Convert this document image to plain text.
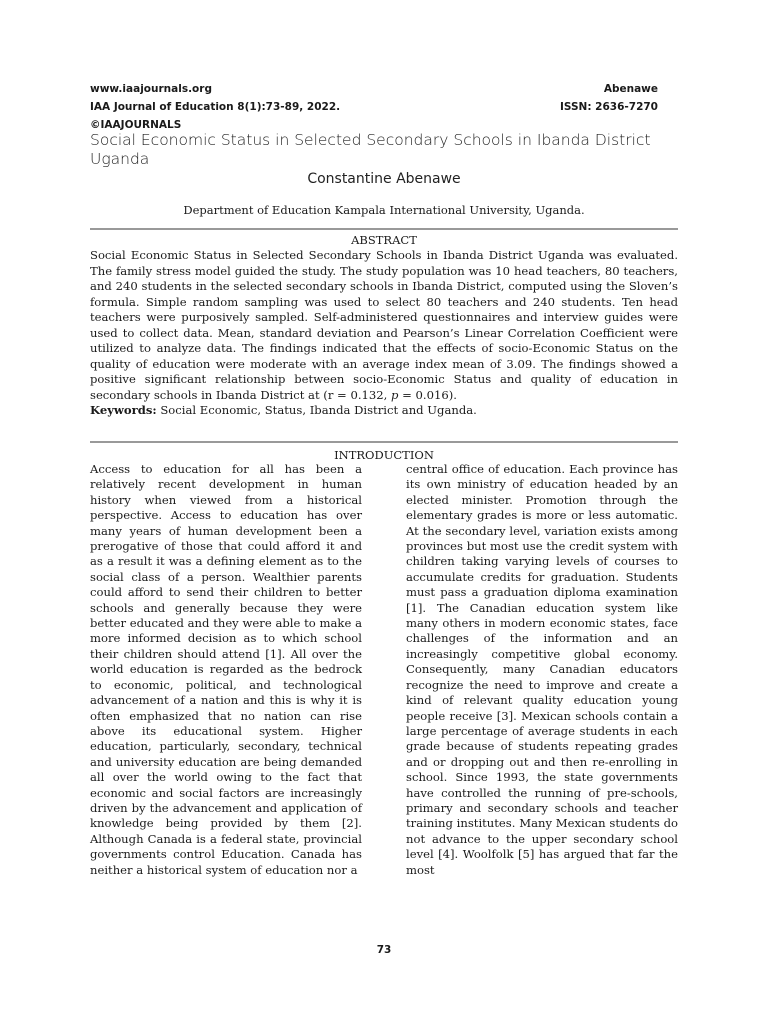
www.iaajournals.org	Abenawe
IAA Journal of Education 8(1):73-89, 2022.	ISSN: 2636-7270
©IAAJOURNALS
Social Economic Status in Selected Secondary Schools in Ibanda District Uganda
Constantine Abenawe
Department of Education Kampala International University, Uganda.
ABSTRACT

Social Economic Status in Selected Secondary Schools in Ibanda District Uganda was evaluated. The family stress model guided the study. The study population was 10 head teachers, 80 teachers, and 240 students in the selected secondary schools in Ibanda District, computed using the Sloven’s formula. Simple random sampling was used to select 80 teachers and 240 students. Ten head teachers were purposively sampled. Self-administered questionnaires and interview guides were used to collect data. Mean, standard deviation and Pearson’s Linear Correlation Coefficient were utilized to analyze data. The findings indicated that the effects of socio-Economic Status on the quality of education were moderate with an average index mean of 3.09. The findings showed a positive significant relationship between socio-Economic Status and quality of education in secondary schools in Ibanda District at (r = 0.132, p = 0.016).

Keywords: Social Economic, Status, Ibanda District and Uganda.

INTRODUCTION
Access to education for all has been a relatively recent development in human history when viewed from a historical perspective. Access to education has over many years of human development been a prerogative of those that could afford it and as a result it was a defining element as to the social class of a person. Wealthier parents could afford to send their children to better schools and generally because they were better educated and they were able to make a more informed decision as to which school their children should attend [1]. All over the world education is regarded as the bedrock to economic, political, and technological advancement of a nation and this is why it is often emphasized that no nation can rise above its educational system. Higher education, particularly, secondary, technical and university education are being demanded all over the world owing to the fact that economic and social factors are increasingly driven by the advancement and application of knowledge being provided by them [2]. Although Canada is a federal state, provincial governments control Education. Canada has neither a historical system of education nor a
central office of education. Each province has its own ministry of education headed by an elected minister. Promotion through the elementary grades is more or less automatic. At the secondary level, variation exists among provinces but most use the credit system with children taking varying levels of courses to accumulate credits for graduation. Students must pass a graduation diploma examination [1]. The Canadian education system like many others in modern economic states, face challenges of the information and an increasingly competitive global economy. Consequently, many Canadian educators recognize the need to improve and create a kind of relevant quality education young people receive [3]. Mexican schools contain a large percentage of average students in each grade because of students repeating grades and or dropping out and then re-enrolling in school. Since 1993, the state governments have controlled the running of pre-schools, primary and secondary schools and teacher training institutes. Many Mexican students do not advance to the upper secondary school level [4]. Woolfolk [5] has argued that far the most
73
